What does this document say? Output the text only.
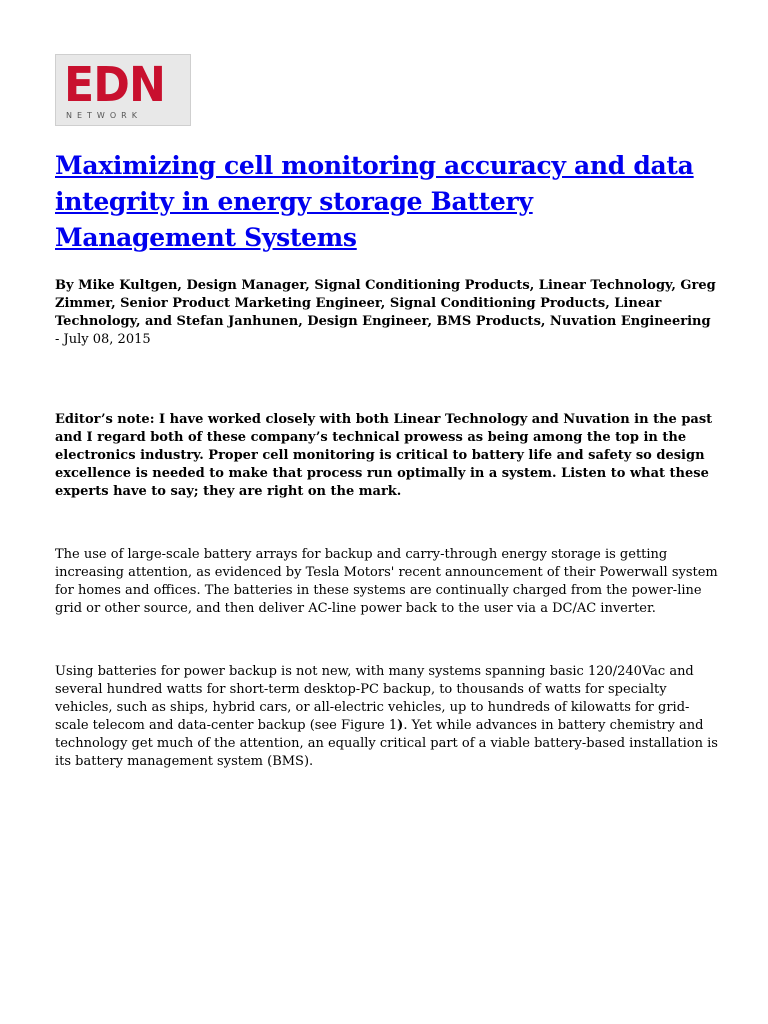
EDN
NETWORK
Maximizing cell monitoring accuracy and data integrity in energy storage Battery Management Systems

By Mike Kultgen, Design Manager, Signal Conditioning Products, Linear Technology, Greg Zimmer, Senior Product Marketing Engineer, Signal Conditioning Products, Linear Technology, and Stefan Janhunen, Design Engineer, BMS Products, Nuvation Engineering - July 08, 2015

Editor’s note: I have worked closely with both Linear Technology and Nuvation in the past and I regard both of these company’s technical prowess as being among the top in the electronics industry. Proper cell monitoring is critical to battery life and safety so design excellence is needed to make that process run optimally in a system. Listen to what these experts have to say; they are right on the mark.

The use of large-scale battery arrays for backup and carry-through energy storage is getting increasing attention, as evidenced by Tesla Motors' recent announcement of their Powerwall system for homes and offices. The batteries in these systems are continually charged from the power-line grid or other source, and then deliver AC-line power back to the user via a DC/AC inverter.

Using batteries for power backup is not new, with many systems spanning basic 120/240Vac and several hundred watts for short-term desktop-PC backup, to thousands of watts for specialty vehicles, such as ships, hybrid cars, or all-electric vehicles, up to hundreds of kilowatts for grid-scale telecom and data-center backup (see Figure 1). Yet while advances in battery chemistry and technology get much of the attention, an equally critical part of a viable battery-based installation is its battery management system (BMS).
